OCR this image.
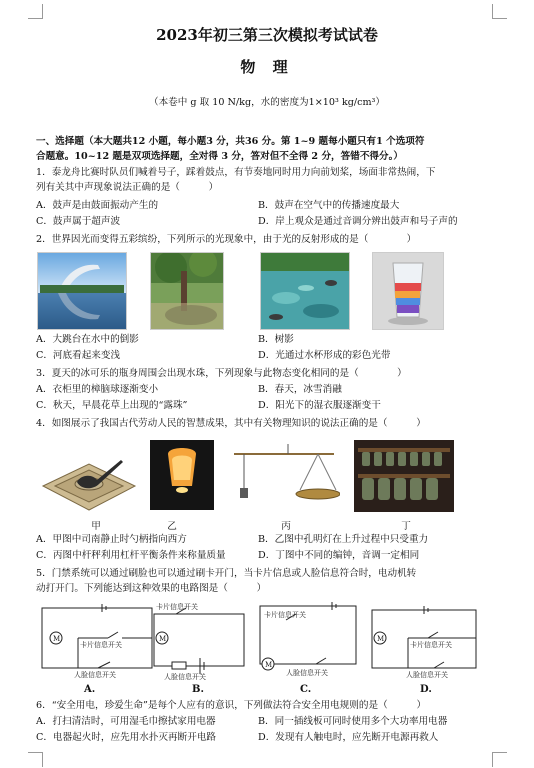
2023年初三第三次模拟考试试卷
物 理
（本卷中 g 取 10 N/kg，水的密度为1×10³ kg/cm³）
一、选择题（本大题共12 小题，每小题3 分，共36 分。第 1~9 题每小题只有1 个选项符
合题意。10~12 题是双项选择题，全对得 3 分，答对但不全得 2 分，答错不得分。）
1．泰龙舟比赛时队员们喊着号子，踩着鼓点，有节奏地同时用力向前划桨，场面非常热闹，下
列有关其中声现象说法正确的是（　　　）
A．鼓声是由鼓面振动产生的	B．鼓声在空气中的传播速度最大
C．鼓声属于超声波	D．岸上观众是通过音调分辨出鼓声和号子声的
2．世界因光而变得五彩缤纷，下列所示的光现象中，由于光的反射形成的是（　　　　）
A．大跳台在水中的倒影	B．树影
C．河底看起来变浅	D．光通过水杯形成的彩色光带
3．夏天的冰可乐的瓶身周围会出现水珠，下列现象与此物态变化相同的是（　　　　）
A．衣柜里的樟脑球逐渐变小	B．春天，冰雪消融
C．秋天，早晨花草上出现的“露珠”	D．阳光下的湿衣服逐渐变干
4．如图展示了我国古代劳动人民的智慧成果，其中有关物理知识的说法正确的是（　　　）
甲	乙	丙	丁
A．甲图中司南静止时勺柄指向西方	B．乙图中孔明灯在上升过程中只受重力
C．丙图中杆秤利用杠杆平衡条件来称量质量	D．丁图中不同的编钟，音调一定相同
5．门禁系统可以通过刷脸也可以通过刷卡开门，当卡片信息或人脸信息符合时，电动机转
动打开门。下列能达到这种效果的电路图是（　　　）
M
卡片信息开关
人脸信息开关
A.
M
卡片信息开关
人脸信息开关
B.
M
卡片信息开关
人脸信息开关
C.
M
卡片信息开关
人脸信息开关
D.
6．“安全用电，珍爱生命”是每个人应有的意识，下列做法符合安全用电规则的是（　　　）
A．打扫清洁时，可用湿毛巾擦拭家用电器	B．同一插线板可同时使用多个大功率用电器
C．电器起火时，应先用水扑灭再断开电路	D．发现有人触电时，应先断开电源再救人
